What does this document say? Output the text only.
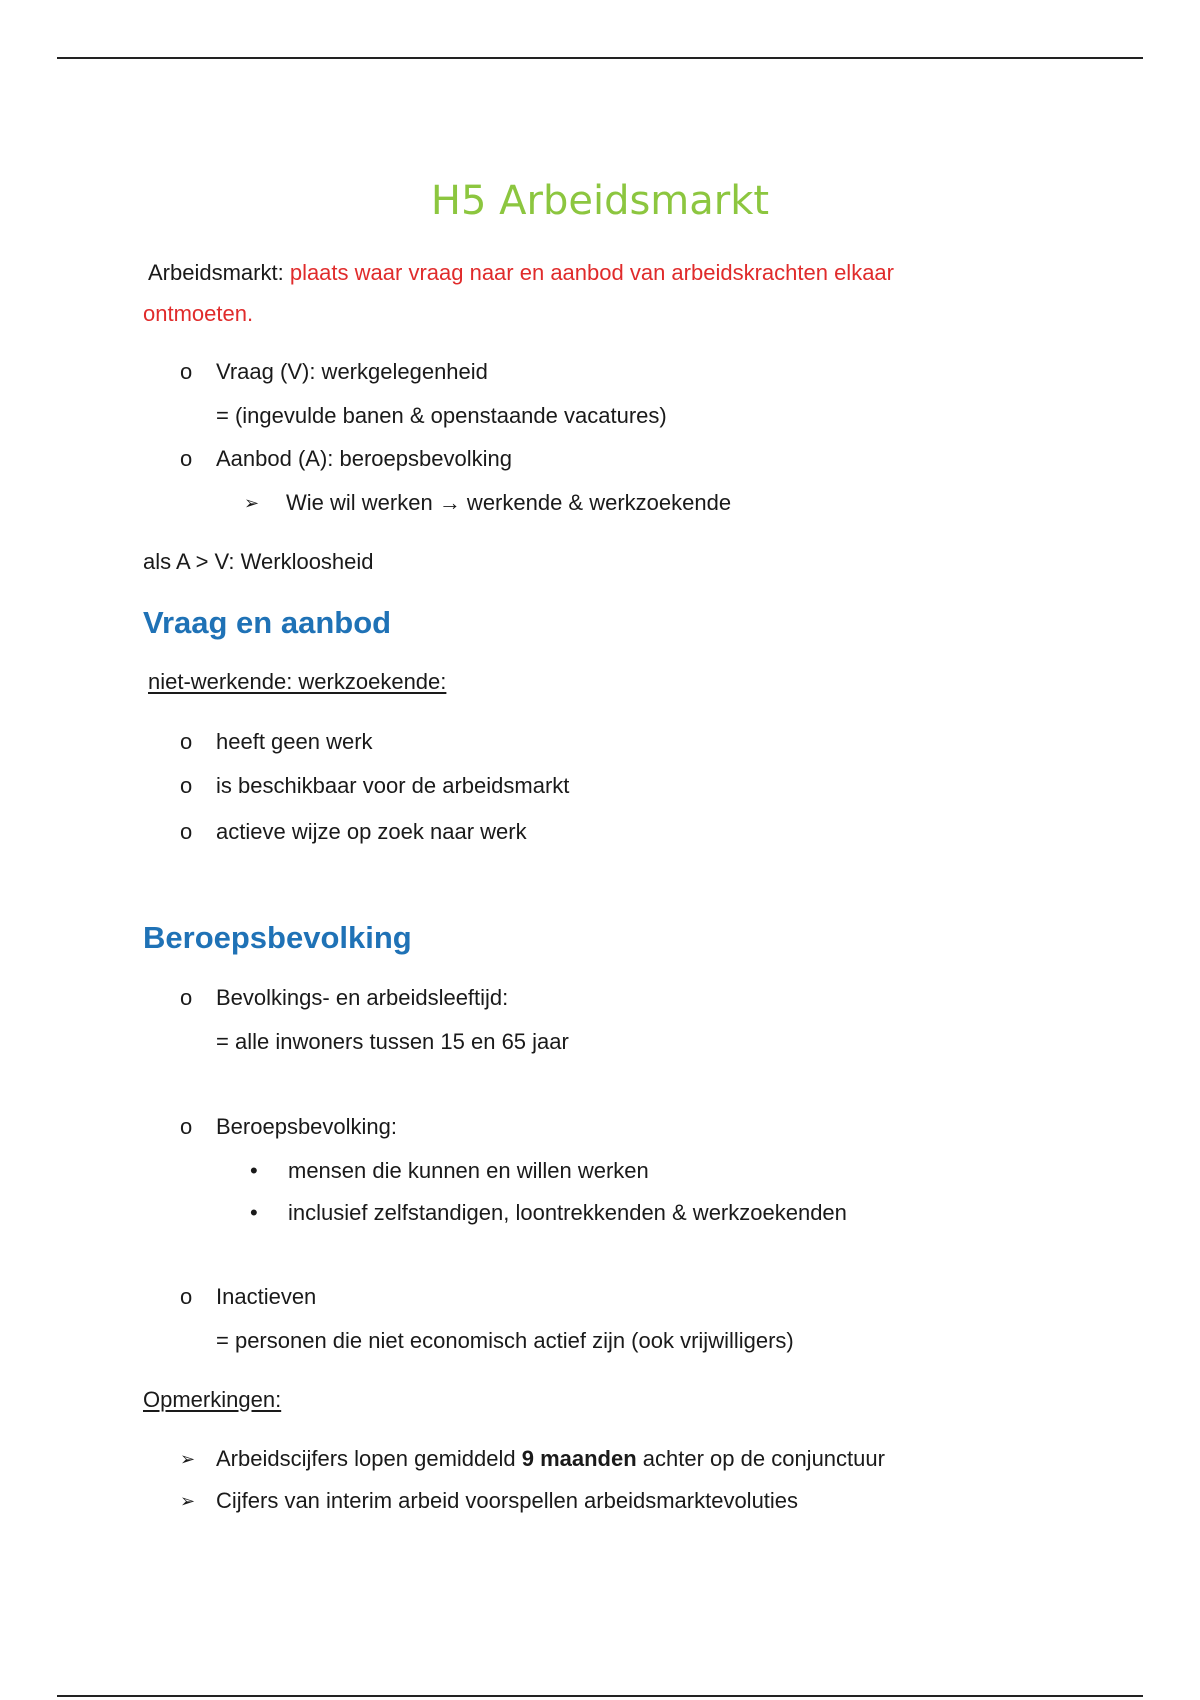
H5 Arbeidsmarkt
Arbeidsmarkt: plaats waar vraag naar en aanbod van arbeidskrachten elkaar
ontmoeten.
o Vraag (V): werkgelegenheid
= (ingevulde banen & openstaande vacatures)
o Aanbod (A): beroepsbevolking
➢ Wie wil werken → werkende & werkzoekende
als A > V: Werkloosheid
Vraag en aanbod
niet-werkende: werkzoekende:
o heeft geen werk
o is beschikbaar voor de arbeidsmarkt
o actieve wijze op zoek naar werk
Beroepsbevolking
o Bevolkings- en arbeidsleeftijd:
= alle inwoners tussen 15 en 65 jaar
o Beroepsbevolking:
• mensen die kunnen en willen werken
• inclusief zelfstandigen, loontrekkenden & werkzoekenden
o Inactieven
= personen die niet economisch actief zijn (ook vrijwilligers)
Opmerkingen:
➢ Arbeidscijfers lopen gemiddeld 9 maanden achter op de conjunctuur
➢ Cijfers van interim arbeid voorspellen arbeidsmarktevoluties
